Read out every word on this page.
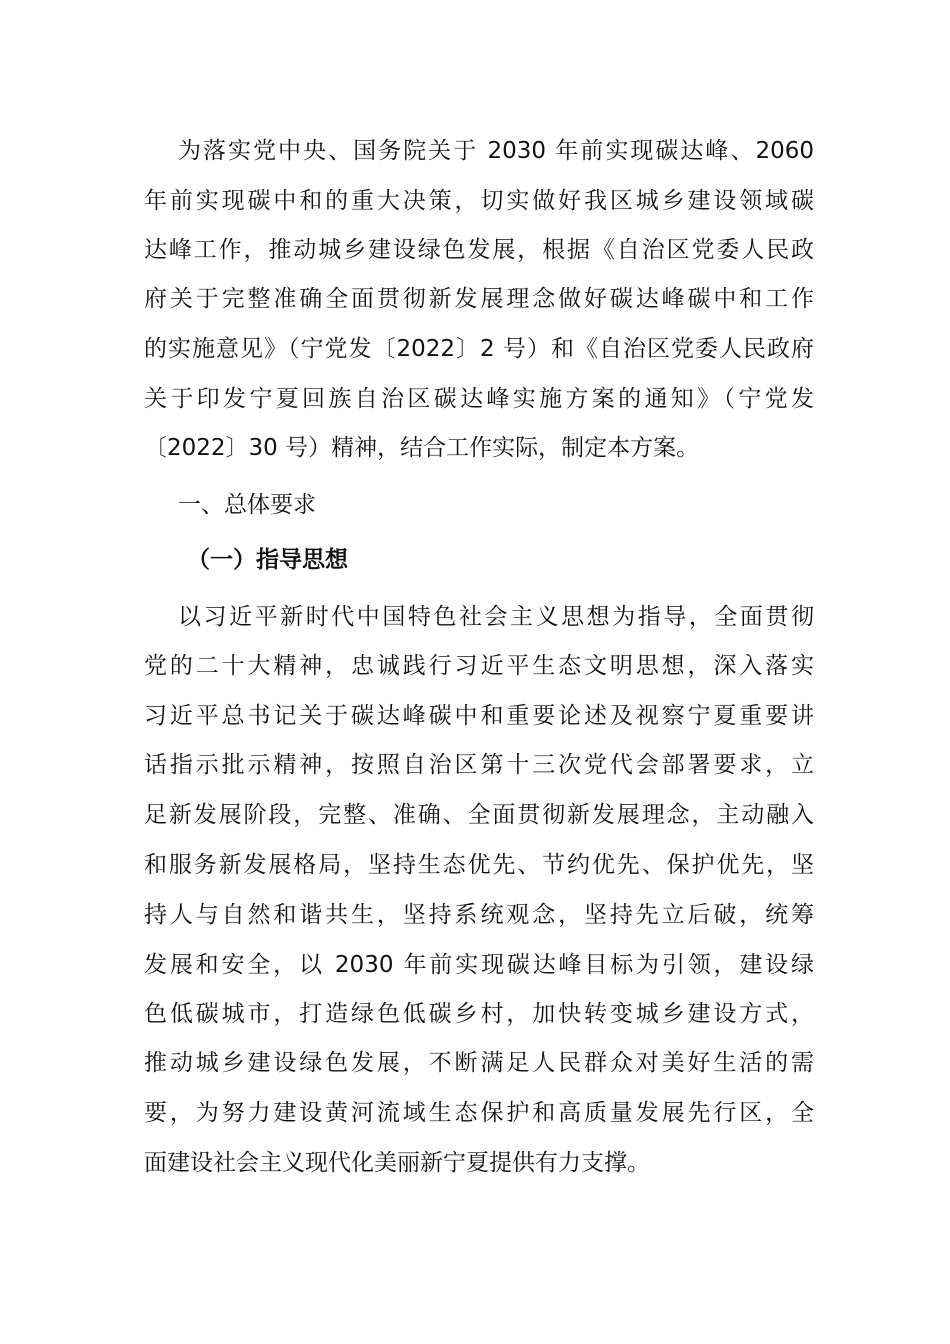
为落实党中央、国务院关于 2030 年前实现碳达峰、2060
年前实现碳中和的重大决策，切实做好我区城乡建设领域碳
达峰工作，推动城乡建设绿色发展，根据《自治区党委人民政
府关于完整准确全面贯彻新发展理念做好碳达峰碳中和工作
的实施意见》（宁党发〔2022〕2 号）和《自治区党委人民政府
关于印发宁夏回族自治区碳达峰实施方案的通知》（宁党发
〔2022〕30 号）精神，结合工作实际，制定本方案。
一、总体要求
（一）指导思想
以习近平新时代中国特色社会主义思想为指导，全面贯彻
党的二十大精神，忠诚践行习近平生态文明思想，深入落实
习近平总书记关于碳达峰碳中和重要论述及视察宁夏重要讲
话指示批示精神，按照自治区第十三次党代会部署要求，立
足新发展阶段，完整、准确、全面贯彻新发展理念，主动融入
和服务新发展格局，坚持生态优先、节约优先、保护优先，坚
持人与自然和谐共生，坚持系统观念，坚持先立后破，统筹
发展和安全，以 2030 年前实现碳达峰目标为引领，建设绿
色低碳城市，打造绿色低碳乡村，加快转变城乡建设方式，
推动城乡建设绿色发展，不断满足人民群众对美好生活的需
要，为努力建设黄河流域生态保护和高质量发展先行区，全
面建设社会主义现代化美丽新宁夏提供有力支撑。
